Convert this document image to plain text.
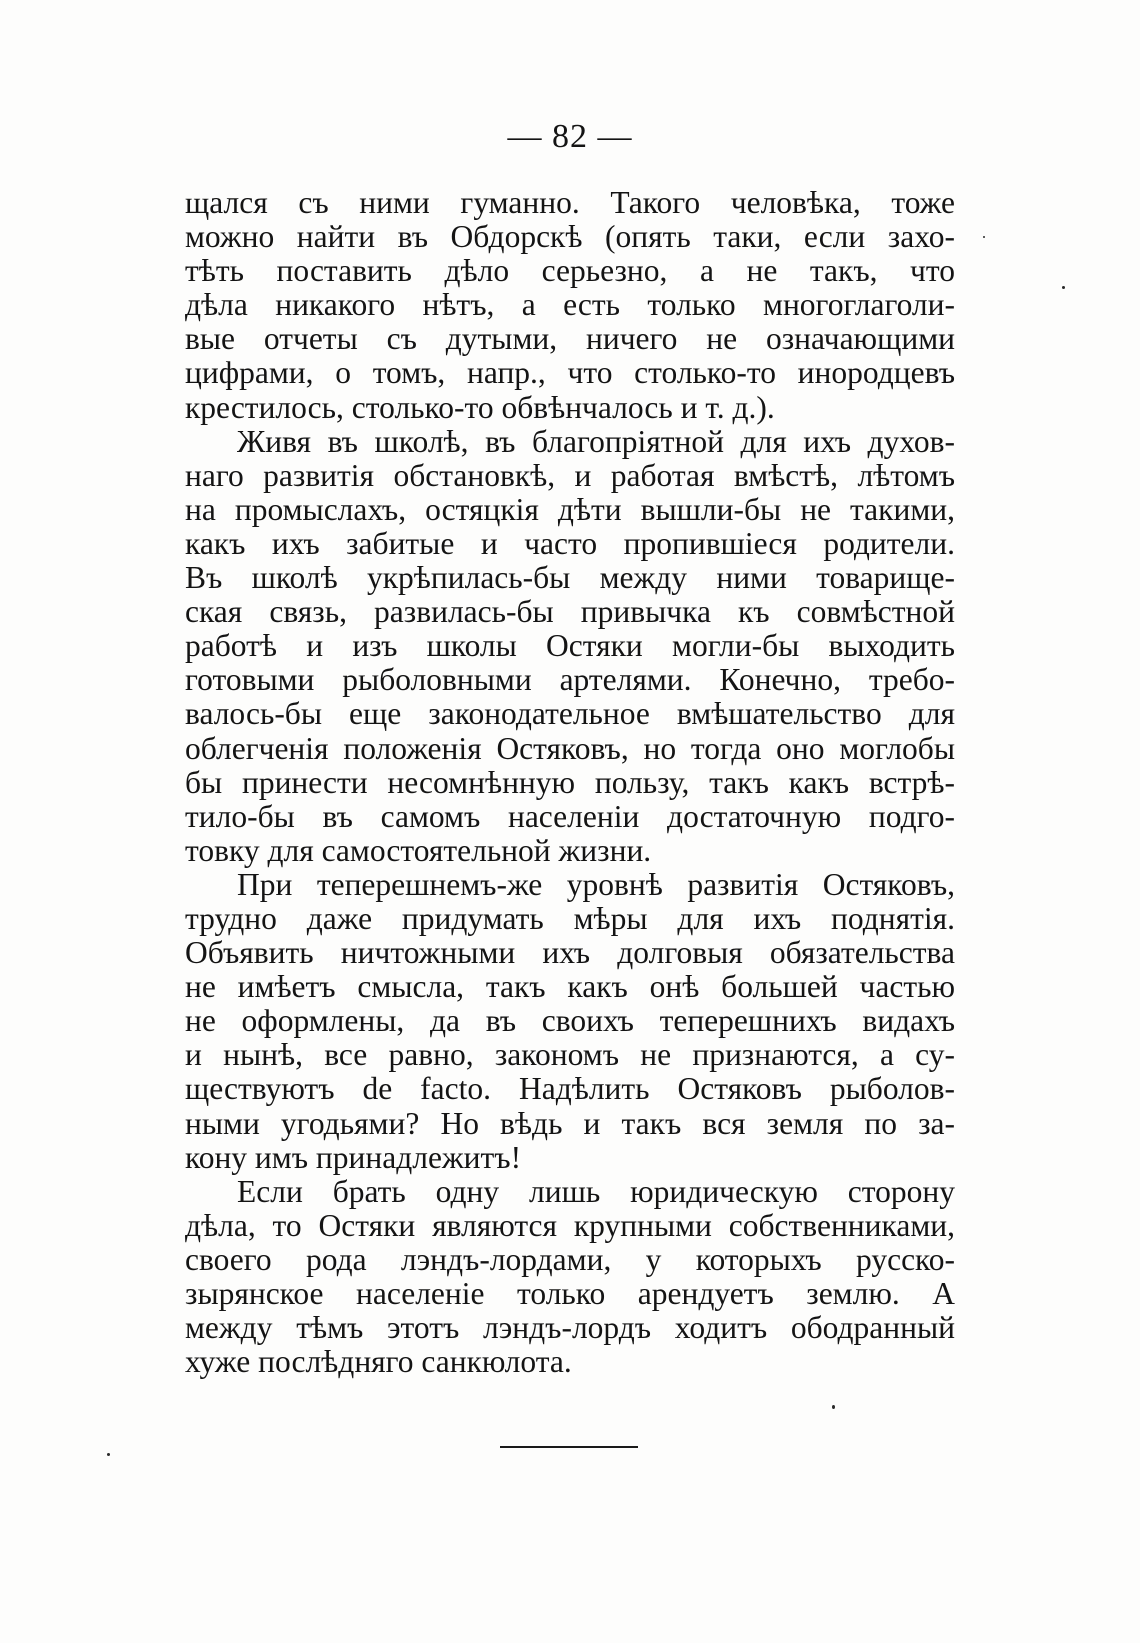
— 82 —
щался съ ними гуманно. Такого человѣка, тоже
можно найти въ Обдорскѣ (опять таки, если захо-
тѣть поставить дѣло серьезно, а не такъ, что
дѣла никакого нѣтъ, а есть только многоглаголи-
вые отчеты съ дутыми, ничего не означающими
цифрами, о томъ, напр., что столько-то инородцевъ
крестилось, столько-то обвѣнчалось и т. д.).
Живя въ школѣ, въ благопріятной для ихъ духов-
наго развитія обстановкѣ, и работая вмѣстѣ, лѣтомъ
на промыслахъ, остяцкія дѣти вышли-бы не такими,
какъ ихъ забитые и часто пропившіеся родители.
Въ школѣ укрѣпилась-бы между ними товарище-
ская связь, развилась-бы привычка къ совмѣстной
работѣ и изъ школы Остяки могли-бы выходить
готовыми рыболовными артелями. Конечно, требо-
валось-бы еще законодательное вмѣшательство для
облегченія положенія Остяковъ, но тогда оно моглобы
бы принести несомнѣнную пользу, такъ какъ встрѣ-
тило-бы въ самомъ населеніи достаточную подго-
товку для самостоятельной жизни.
При теперешнемъ-же уровнѣ развитія Остяковъ,
трудно даже придумать мѣры для ихъ поднятія.
Объявить ничтожными ихъ долговыя обязательства
не имѣетъ смысла, такъ какъ онѣ большей частью
не оформлены, да въ своихъ теперешнихъ видахъ
и нынѣ, все равно, закономъ не признаются, а су-
ществуютъ de facto. Надѣлить Остяковъ рыболов-
ными угодьями? Но вѣдь и такъ вся земля по за-
кону имъ принадлежитъ!
Если брать одну лишь юридическую сторону
дѣла, то Остяки являются крупными собственниками,
своего рода лэндъ-лордами, у которыхъ русско-
зырянское населеніе только арендуетъ землю. А
между тѣмъ этотъ лэндъ-лордъ ходитъ ободранный
хуже послѣдняго санкюлота.
